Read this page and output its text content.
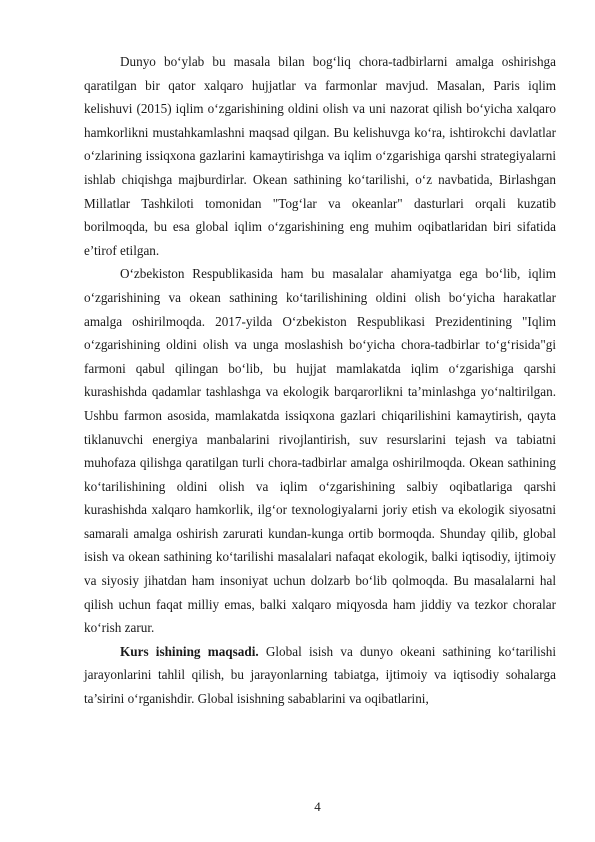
Dunyo bo‘ylab bu masala bilan bog‘liq chora-tadbirlarni amalga oshirishga qaratilgan bir qator xalqaro hujjatlar va farmonlar mavjud. Masalan, Paris iqlim kelishuvi (2015) iqlim o‘zgarishining oldini olish va uni nazorat qilish bo‘yicha xalqaro hamkorlikni mustahkamlashni maqsad qilgan. Bu kelishuvga ko‘ra, ishtirokchi davlatlar o‘zlarining issiqxona gazlarini kamaytirishga va iqlim o‘zgarishiga qarshi strategiyalarni ishlab chiqishga majburdirlar. Okean sathining ko‘tarilishi, o‘z navbatida, Birlashgan Millatlar Tashkiloti tomonidan "Tog‘lar va okeanlar" dasturlari orqali kuzatib borilmoqda, bu esa global iqlim o‘zgarishining eng muhim oqibatlaridan biri sifatida e’tirof etilgan.

O‘zbekiston Respublikasida ham bu masalalar ahamiyatga ega bo‘lib, iqlim o‘zgarishining va okean sathining ko‘tarilishining oldini olish bo‘yicha harakatlar amalga oshirilmoqda. 2017-yilda O‘zbekiston Respublikasi Prezidentining "Iqlim o‘zgarishining oldini olish va unga moslashish bo‘yicha chora-tadbirlar to‘g‘risida"gi farmoni qabul qilingan bo‘lib, bu hujjat mamlakatda iqlim o‘zgarishiga qarshi kurashishda qadamlar tashlashga va ekologik barqarorlikni ta’minlashga yo‘naltirilgan. Ushbu farmon asosida, mamlakatda issiqxona gazlari chiqarilishini kamaytirish, qayta tiklanuvchi energiya manbalarini rivojlantirish, suv resurslarini tejash va tabiatni muhofaza qilishga qaratilgan turli chora-tadbirlar amalga oshirilmoqda. Okean sathining ko‘tarilishining oldini olish va iqlim o‘zgarishining salbiy oqibatlariga qarshi kurashishda xalqaro hamkorlik, ilg‘or texnologiyalarni joriy etish va ekologik siyosatni samarali amalga oshirish zarurati kundan-kunga ortib bormoqda. Shunday qilib, global isish va okean sathining ko‘tarilishi masalalari nafaqat ekologik, balki iqtisodiy, ijtimoiy va siyosiy jihatdan ham insoniyat uchun dolzarb bo‘lib qolmoqda. Bu masalalarni hal qilish uchun faqat milliy emas, balki xalqaro miqyosda ham jiddiy va tezkor choralar ko‘rish zarur.

Kurs ishining maqsadi. Global isish va dunyo okeani sathining ko‘tarilishi jarayonlarini tahlil qilish, bu jarayonlarning tabiatga, ijtimoiy va iqtisodiy sohalarga ta’sirini o‘rganishdir. Global isishning sabablarini va oqibatlarini,

4
